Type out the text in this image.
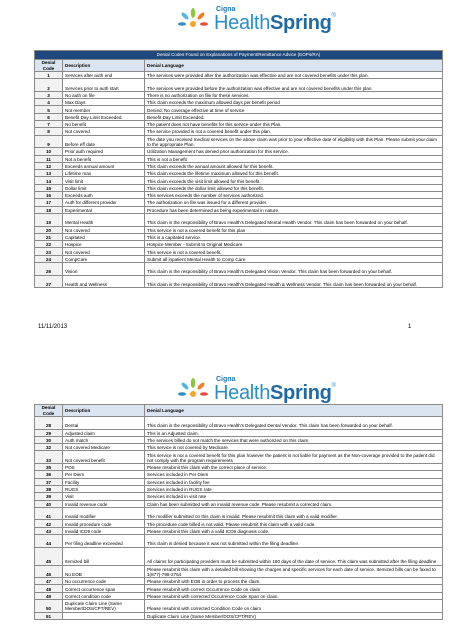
Cigna
HealthSpring®
Denial Codes Found on Explanations of Payment/Remittance Advice (EOPs/RA)		
Denial Code	Description	Denial Language
1	Services after auth end	The services were provided after the authorization was effective and are not covered benefits under this plan.
2	Services prior to auth start	The services were provided before the authorization was effective and are not covered benefits under this plan.
3	No auth on file	There is no authorization on file for these services.
4	Max Days	This claim exceeds the maximum allowed days per benefit period
5	Not member	Denied. No coverage effective at time of service
6	Benefit Day Limit Exceeded.	Benefit Day Limit Exceeded.
7	No benefit	The patient does not have benefits for this service under this Plan.
8	Not covered	The service provided is not a covered benefit under this plan.
9	Before eff date	The date you received medical services on the above claim was prior to your effective date of eligibility with this Plan. Please submit your claim to the appropriate Plan.
10	Prior auth required	Utilization Management has denied prior authorization for this service.
11	Not a benefit	This is not a benefit
12	Exceeds annual amount	This claim exceeds the annual amount allowed for this benefit.
13	Lifetime max	This claim exceeds the lifetime maximum allowed for this benefit.
14	Visit limit	This claim exceeds the visit limit allowed for this benefit.
15	Dollar limit	This claim exceeds the dollar limit allowed for this benefit.
16	Exceeds auth	This services exceeds the number of services authorized.
17	Auth for different provider	The authorization on file was issued for a different provider.
18	Experimental	Procedure has been determined as being experimental in nature.
19	Mental Health	This claim is the responsibility of Bravo Health's Delegated Mental Health Vendor. This claim has been forwarded on your behalf.
20	Not covered	This service is not a covered benefit for this plan
21	Capitated	This is a capitated service.
22	Hospice	Hospice Member - Submit to Original Medicare
23	Not covered	This service is not a covered benefit.
24	CompCare	Submit all inpatient Mental Health to Comp Care
26	Vision	This claim is the responsibility of Bravo Health's Delegated Vision Vendor. This claim has been forwarded on your behalf.
27	Health and Wellness	This claim is the responsibility of Bravo Health's Delegated Health & Wellness Vendor. This claim has been forwarded on your behalf.
11/11/2013	1
Cigna
HealthSpring®
Denial Code	Description	Denial Language
28	Dental	This claim is the responsibility of Bravo Health's Delegated Dental Vendor. This claim has been forwarded on your behalf.
29	Adjusted claim	This is an Adjusted claim.
30	Auth match	The services billed do not match the services that were authorized on this claim.
32	Not covered Medicare	This service is not covered by Medicare.
33	Not covered benefit	This service is not a covered benefit for this plan however the patient is not liable for payment as the Non-coverage provided to the patient did not comply with the program requirements
35	POS	Please resubmit this claim with the correct place of service.
36	Per Diem	Services included in Per Diem
37	Facility	Services included in facility fee
38	RUGS	Services included in RUGS rate
39	Visit	Services included in visit rate
40	Invalid revenue code	Claim has been submitted with an invalid revenue code. Please resubmit a corrected claim.
41	Invalid modifier	The modifier submitted on this claim is invalid. Please resubmit this claim with a valid modifier.
42	Invalid procedure code	The procedure code billed is not valid. Please resubmit this claim with a valid code.
43	Invalid ICD9 code	Please resubmit this claim with a valid ICD9 diagnosis code.
44	Per filing deadline exceeded	This claim is denied because it was not submitted within the filing deadline.
45	Itemized bill	All claims for participating providers must be submitted within 180 days of the date of service. This claim was submitted after the filing deadline
46	No EOB	Please resubmit this claim with a detailed bill showing the charges and specific services for each date of service. Itemized bills can be faxed to 1(877)-798-2764
47	No occurrence code	Please resubmit with EOB in order to process the claim.
48	Correct occurrence span	Please resubmit with correct Occurrence Code on claim
49	Correct condition code	Please resubmit with corrected Occurrence Code Span on claim.
50	Duplicate Claim Line (Same Member/DOS/CPT/REV)	Please resubmit with corrected Condition Code on claim
51		Duplicate Claim Line (Same Member/DOS/CPT/REV)
